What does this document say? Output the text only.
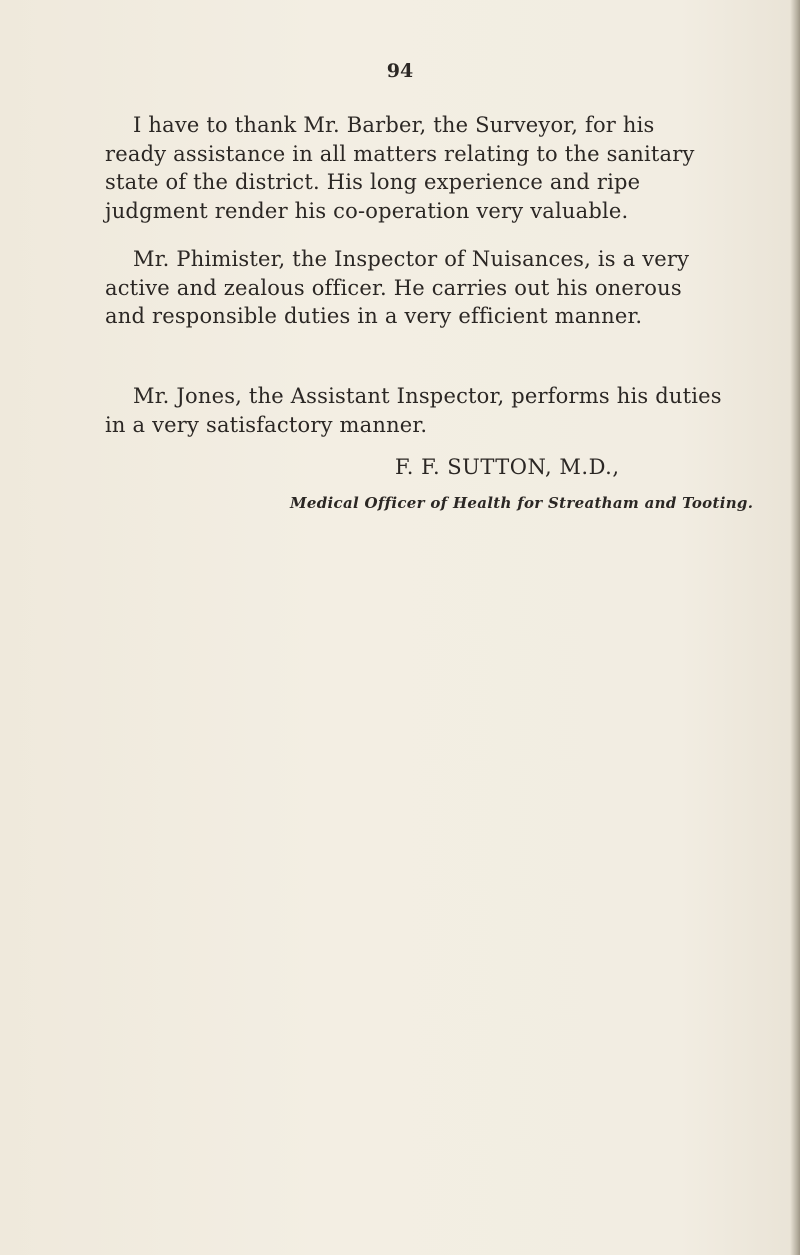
94

I have to thank Mr. Barber, the Surveyor, for his
ready assistance in all matters relating to the sanitary
state of the district. His long experience and ripe
judgment render his co-operation very valuable.

Mr. Phimister, the Inspector of Nuisances, is a very
active and zealous officer. He carries out his onerous
and responsible duties in a very efficient manner.

Mr. Jones, the Assistant Inspector, performs his duties
in a very satisfactory manner.

F. F. SUTTON, M.D.,
Medical Officer of Health for Streatham and Tooting.
